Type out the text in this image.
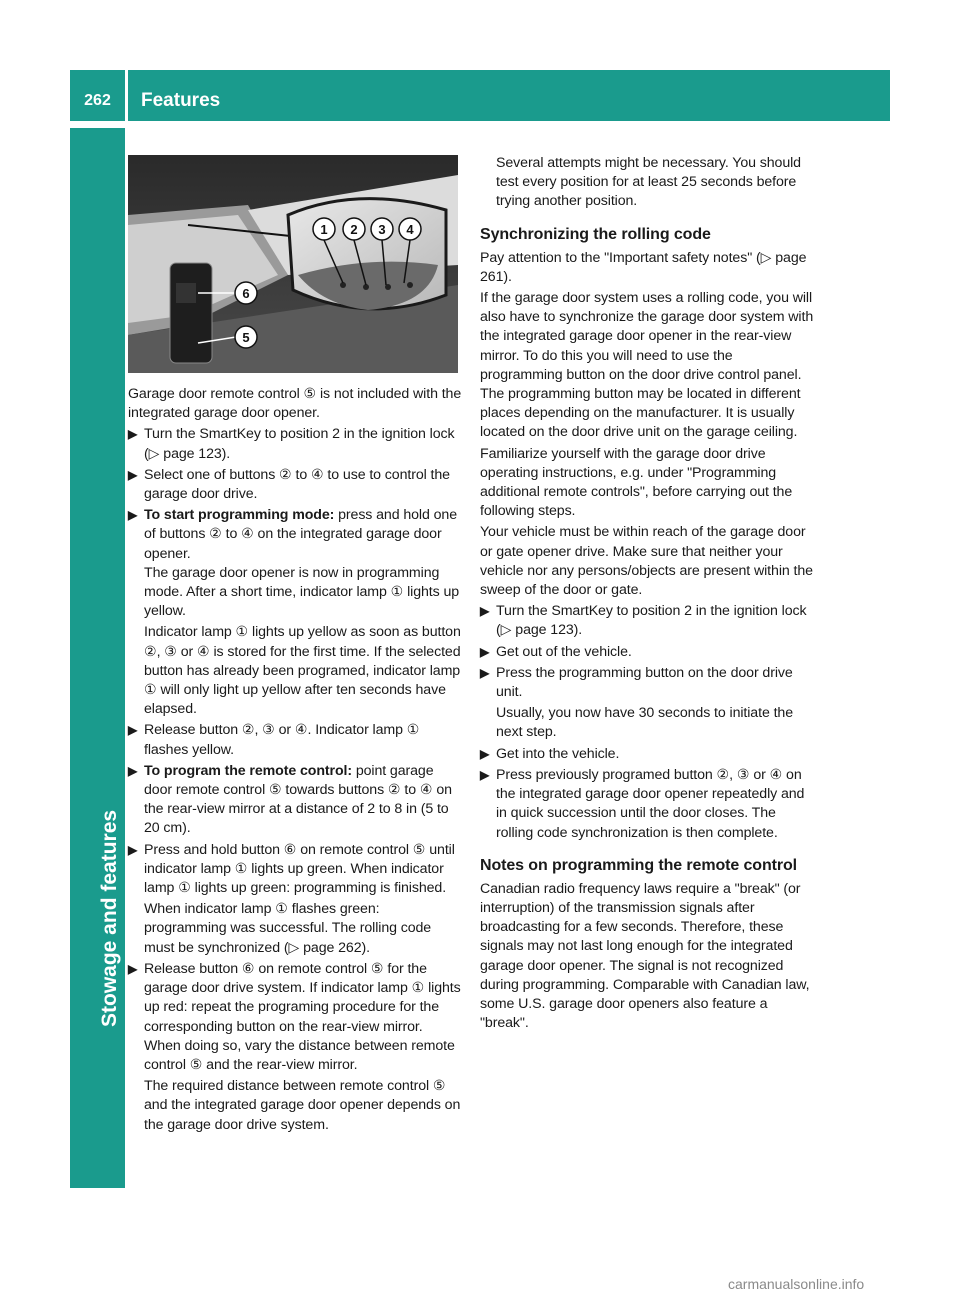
262	Features
Stowage and features
1 2 3 4
6
5

Garage door remote control ⑤ is not included with the integrated garage door opener.

▶ Turn the SmartKey to position 2 in the ignition lock (▷ page 123).
▶ Select one of buttons ② to ④ to use to control the garage door drive.
▶ To start programming mode: press and hold one of buttons ② to ④ on the integrated garage door opener.
The garage door opener is now in programming mode. After a short time, indicator lamp ① lights up yellow.

Indicator lamp ① lights up yellow as soon as button ②, ③ or ④ is stored for the first time. If the selected button has already been programed, indicator lamp ① will only light up yellow after ten seconds have elapsed.

▶ Release button ②, ③ or ④. Indicator lamp ① flashes yellow.
▶ To program the remote control: point garage door remote control ⑤ towards buttons ② to ④ on the rear-view mirror at a distance of 2 to 8 in (5 to 20 cm).
▶ Press and hold button ⑥ on remote control ⑤ until indicator lamp ① lights up green. When indicator lamp ① lights up green: programming is finished.

When indicator lamp ① flashes green: programming was successful. The rolling code must be synchronized (▷ page 262).

▶ Release button ⑥ on remote control ⑤ for the garage door drive system. If indicator lamp ① lights up red: repeat the programing procedure for the corresponding button on the rear-view mirror. When doing so, vary the distance between remote control ⑤ and the rear-view mirror.

The required distance between remote control ⑤ and the integrated garage door opener depends on the garage door drive system.

Several attempts might be necessary. You should test every position for at least 25 seconds before trying another position.

Synchronizing the rolling code

Pay attention to the "Important safety notes" (▷ page 261).

If the garage door system uses a rolling code, you will also have to synchronize the garage door system with the integrated garage door opener in the rear-view mirror. To do this you will need to use the programming button on the door drive control panel. The programming button may be located in different places depending on the manufacturer. It is usually located on the door drive unit on the garage ceiling.

Familiarize yourself with the garage door drive operating instructions, e.g. under "Programming additional remote controls", before carrying out the following steps.

Your vehicle must be within reach of the garage door or gate opener drive. Make sure that neither your vehicle nor any persons/objects are present within the sweep of the door or gate.

▶ Turn the SmartKey to position 2 in the ignition lock (▷ page 123).
▶ Get out of the vehicle.
▶ Press the programming button on the door drive unit.

Usually, you now have 30 seconds to initiate the next step.

▶ Get into the vehicle.
▶ Press previously programed button ②, ③ or ④ on the integrated garage door opener repeatedly and in quick succession until the door closes. The rolling code synchronization is then complete.
Notes on programming the remote control

Canadian radio frequency laws require a "break" (or interruption) of the transmission signals after broadcasting for a few seconds. Therefore, these signals may not last long enough for the integrated garage door opener. The signal is not recognized during programming. Comparable with Canadian law, some U.S. garage door openers also feature a "break".

carmanualsonline.info
